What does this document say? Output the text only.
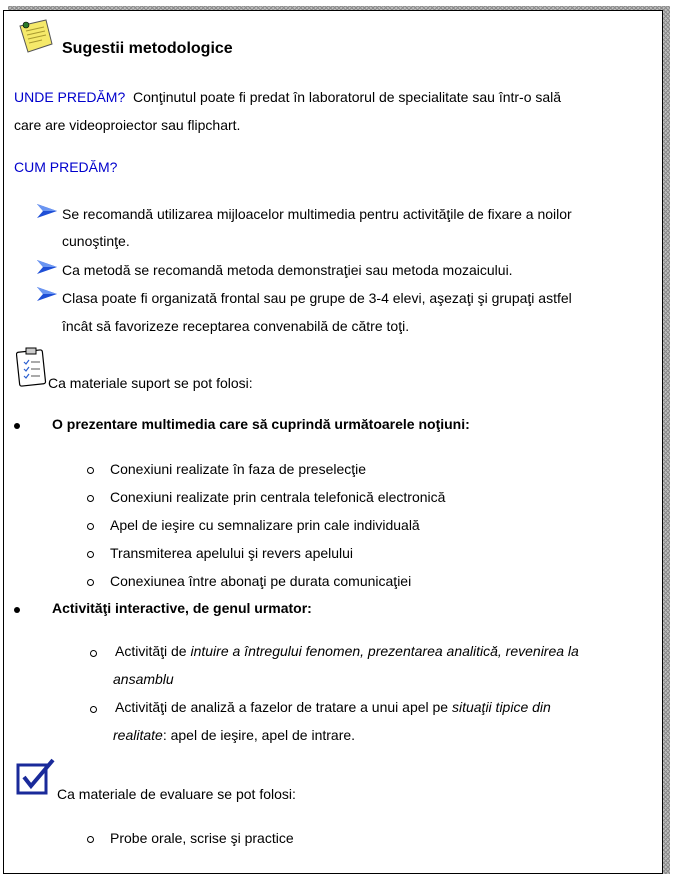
Sugestii metodologice
UNDE PREDĂM? Conţinutul poate fi predat în laboratorul de specialitate sau într-o sală
care are videoproiector sau flipchart.
CUM PREDĂM?
Se recomandă utilizarea mijloacelor multimedia pentru activităţile de fixare a noilor
cunoştinţe.
Ca metodă se recomandă metoda demonstraţiei sau metoda mozaicului.
Clasa poate fi organizată frontal sau pe grupe de 3-4 elevi, aşezaţi şi grupaţi astfel
încât să favorizeze receptarea convenabilă de către toţi.
Ca materiale suport se pot folosi:
O prezentare multimedia care să cuprindă următoarele noţiuni:
Conexiuni realizate în faza de preselecţie
Conexiuni realizate prin centrala telefonică electronică
Apel de ieşire cu semnalizare prin cale individuală
Transmiterea apelului şi revers apelului
Conexiunea între abonaţi pe durata comunicaţiei
Activităţi interactive, de genul urmator:
Activităţi de intuire a întregului fenomen, prezentarea analitică, revenirea la
ansamblu
Activităţi de analiză a fazelor de tratare a unui apel pe situaţii tipice din
realitate: apel de ieşire, apel de intrare.
Ca materiale de evaluare se pot folosi:
Probe orale, scrise şi practice
